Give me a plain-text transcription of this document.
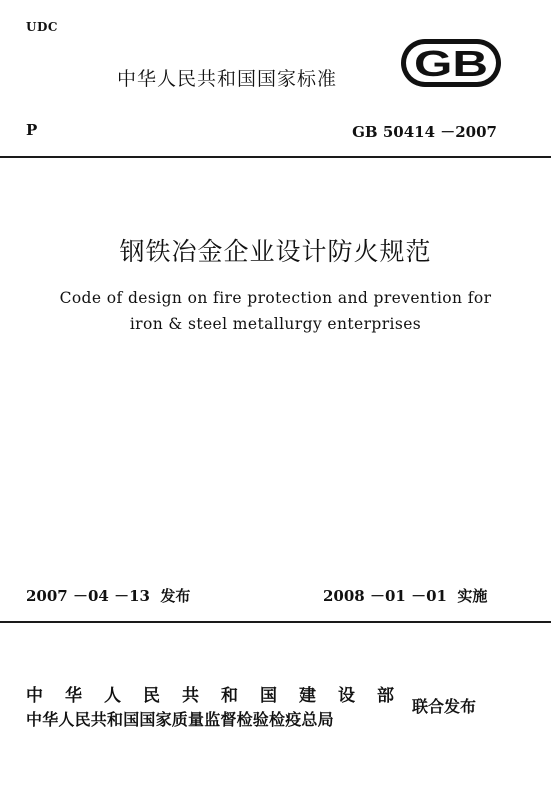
UDC
中华人民共和国国家标准 GB
P	GB 50414 －2007
钢铁冶金企业设计防火规范
Code of design on fire protection and prevention for
iron & steel metallurgy enterprises
2007 －04 －13  发布	2008 －01 －01  实施
中 华 人 民 共 和 国 建 设 部
中华人民共和国国家质量监督检验检疫总局
联合发布
